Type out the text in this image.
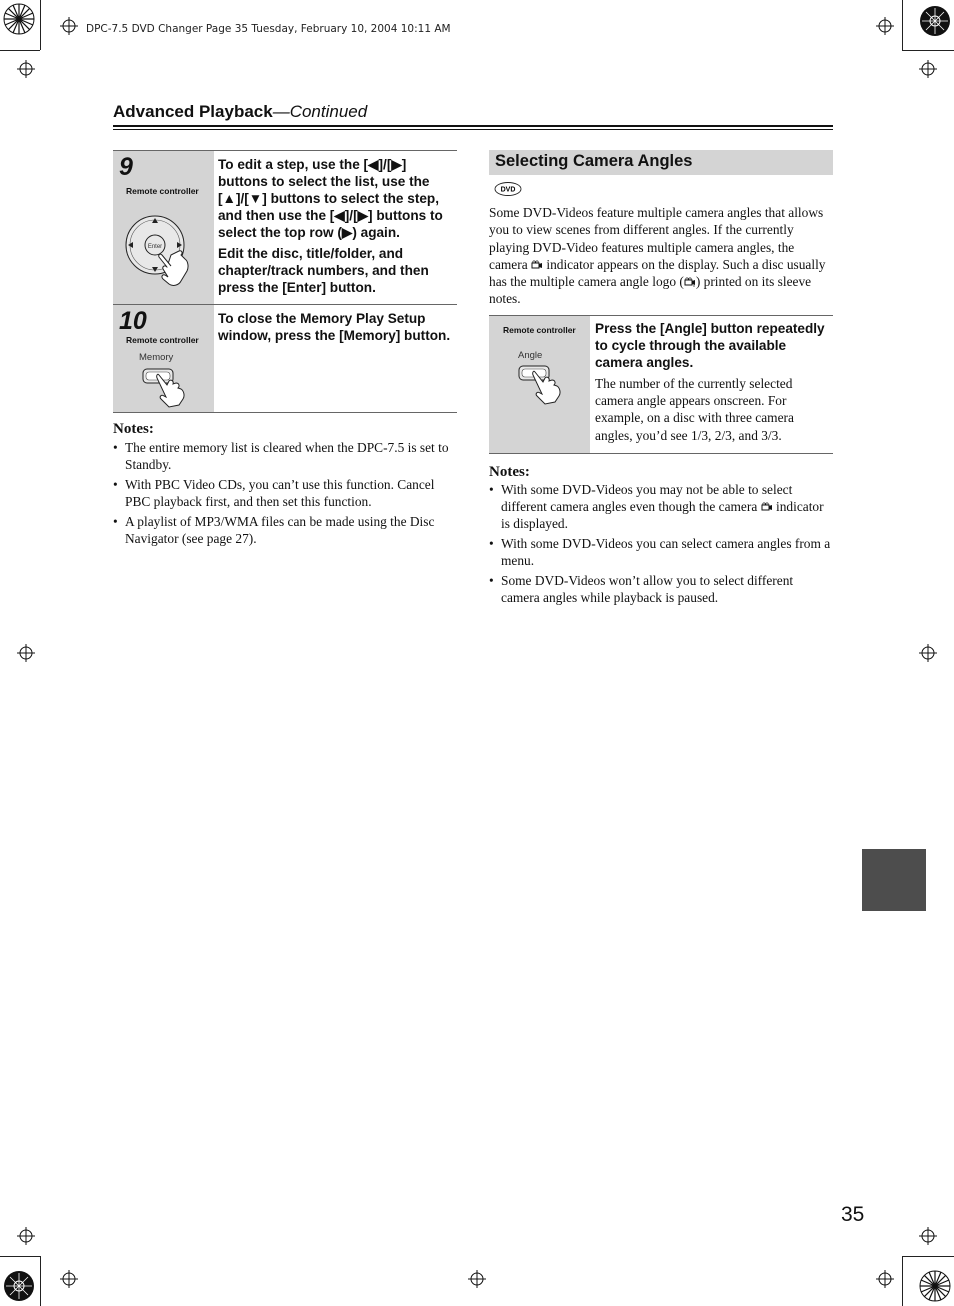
DPC-7.5 DVD Changer Page 35 Tuesday, February 10, 2004 10:11 AM
Advanced Playback—Continued
9
Remote controller
Enter

To edit a step, use the [◀]/[▶] buttons to select the list, use the [▲]/[▼] buttons to select the step, and then use the [◀]/[▶] buttons to select the top row (▶) again.

Edit the disc, title/folder, and chapter/track numbers, and then press the [Enter] button.

10
Remote controller
Memory

To close the Memory Play Setup window, press the [Memory] button.

Notes:
• The entire memory list is cleared when the DPC-7.5 is set to Standby.
• With PBC Video CDs, you can’t use this function. Cancel PBC playback first, and then set this function.
• A playlist of MP3/WMA files can be made using the Disc Navigator (see page 27).
Selecting Camera Angles
DVD
Some DVD-Videos feature multiple camera angles that allows you to view scenes from different angles. If the currently playing DVD-Video features multiple camera angles, the camera  indicator appears on the display. Such a disc usually has the multiple camera angle logo ( ) printed on its sleeve notes.
Remote controller
Angle
Press the [Angle] button repeatedly to cycle through the available camera angles.
The number of the currently selected camera angle appears onscreen. For example, on a disc with three camera angles, you’d see 1/3, 2/3, and 3/3.
Notes:
• With some DVD-Videos you may not be able to select different camera angles even though the camera  indicator is displayed.
• With some DVD-Videos you can select camera angles from a menu.
• Some DVD-Videos won’t allow you to select different camera angles while playback is paused.
35
